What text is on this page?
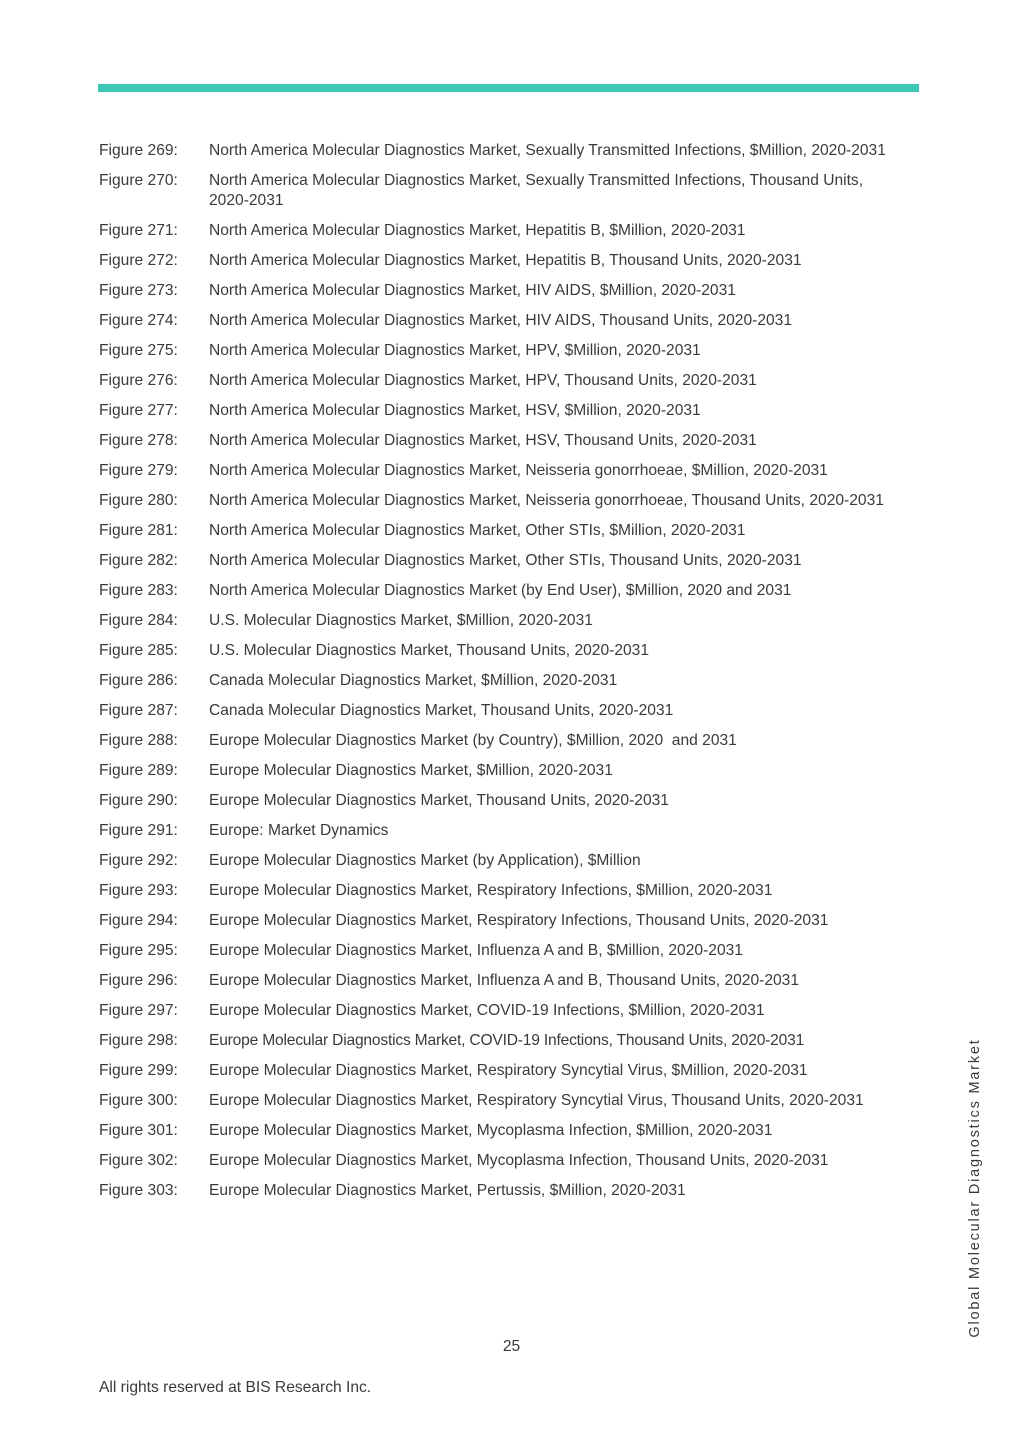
Figure 269:	North America Molecular Diagnostics Market, Sexually Transmitted Infections, $Million, 2020-2031
Figure 270:	North America Molecular Diagnostics Market, Sexually Transmitted Infections, Thousand Units, 2020-2031
Figure 271:	North America Molecular Diagnostics Market, Hepatitis B, $Million, 2020-2031
Figure 272:	North America Molecular Diagnostics Market, Hepatitis B, Thousand Units, 2020-2031
Figure 273:	North America Molecular Diagnostics Market, HIV AIDS, $Million, 2020-2031
Figure 274:	North America Molecular Diagnostics Market, HIV AIDS, Thousand Units, 2020-2031
Figure 275:	North America Molecular Diagnostics Market, HPV, $Million, 2020-2031
Figure 276:	North America Molecular Diagnostics Market, HPV, Thousand Units, 2020-2031
Figure 277:	North America Molecular Diagnostics Market, HSV, $Million, 2020-2031
Figure 278:	North America Molecular Diagnostics Market, HSV, Thousand Units, 2020-2031
Figure 279:	North America Molecular Diagnostics Market, Neisseria gonorrhoeae, $Million, 2020-2031
Figure 280:	North America Molecular Diagnostics Market, Neisseria gonorrhoeae, Thousand Units, 2020-2031
Figure 281:	North America Molecular Diagnostics Market, Other STIs, $Million, 2020-2031
Figure 282:	North America Molecular Diagnostics Market, Other STIs, Thousand Units, 2020-2031
Figure 283:	North America Molecular Diagnostics Market (by End User), $Million, 2020 and 2031
Figure 284:	U.S. Molecular Diagnostics Market, $Million, 2020-2031
Figure 285:	U.S. Molecular Diagnostics Market, Thousand Units, 2020-2031
Figure 286:	Canada Molecular Diagnostics Market, $Million, 2020-2031
Figure 287:	Canada Molecular Diagnostics Market, Thousand Units, 2020-2031
Figure 288:	Europe Molecular Diagnostics Market (by Country), $Million, 2020  and 2031
Figure 289:	Europe Molecular Diagnostics Market, $Million, 2020-2031
Figure 290:	Europe Molecular Diagnostics Market, Thousand Units, 2020-2031
Figure 291:	Europe: Market Dynamics
Figure 292:	Europe Molecular Diagnostics Market (by Application), $Million
Figure 293:	Europe Molecular Diagnostics Market, Respiratory Infections, $Million, 2020-2031
Figure 294:	Europe Molecular Diagnostics Market, Respiratory Infections, Thousand Units, 2020-2031
Figure 295:	Europe Molecular Diagnostics Market, Influenza A and B, $Million, 2020-2031
Figure 296:	Europe Molecular Diagnostics Market, Influenza A and B, Thousand Units, 2020-2031
Figure 297:	Europe Molecular Diagnostics Market, COVID-19 Infections, $Million, 2020-2031
Figure 298:	Europe Molecular Diagnostics Market, COVID-19 Infections, Thousand Units, 2020-2031
Figure 299:	Europe Molecular Diagnostics Market, Respiratory Syncytial Virus, $Million, 2020-2031
Figure 300:	Europe Molecular Diagnostics Market, Respiratory Syncytial Virus, Thousand Units, 2020-2031
Figure 301:	Europe Molecular Diagnostics Market, Mycoplasma Infection, $Million, 2020-2031
Figure 302:	Europe Molecular Diagnostics Market, Mycoplasma Infection, Thousand Units, 2020-2031
Figure 303:	Europe Molecular Diagnostics Market, Pertussis, $Million, 2020-2031
25
All rights reserved at BIS Research Inc.
Global Molecular Diagnostics Market
